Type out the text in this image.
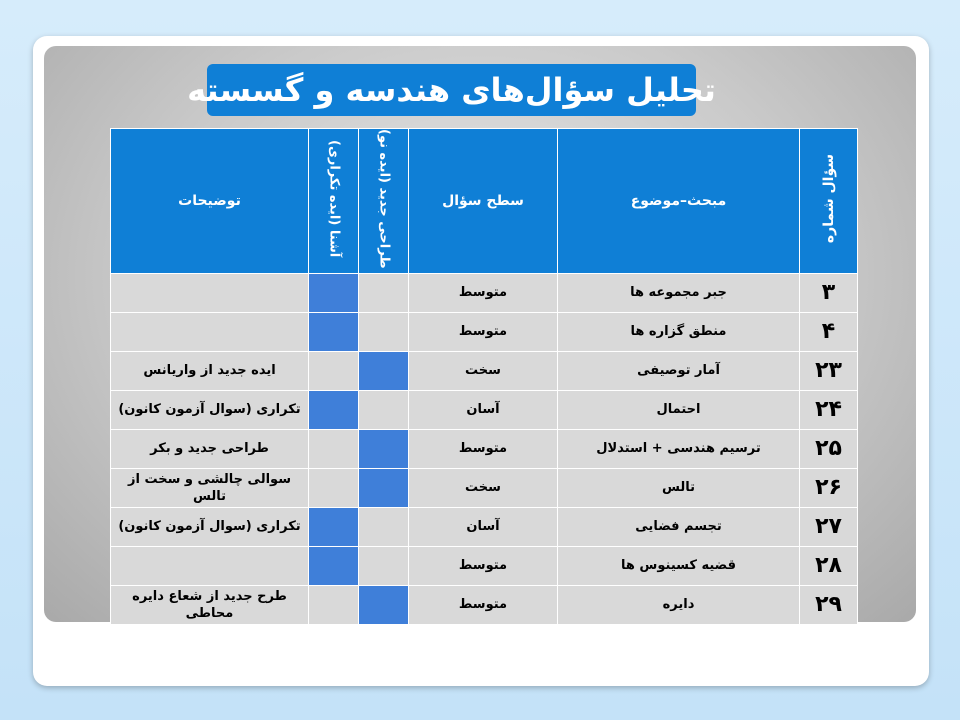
تحلیل سؤال‌های هندسه و گسسته
سؤال شماره	مبحث–موضوع	سطح سؤال	طراحی جدید (ایده نو)	آشنا (ایده تکراری)	توضیحات
۳	جبر مجموعه ها	متوسط			
۴	منطق گزاره ها	متوسط			
۲۳	آمار توصیفی	سخت			ایده جدید از واریانس
۲۴	احتمال	آسان			تکراری (سوال آزمون کانون)
۲۵	ترسیم هندسی + استدلال	متوسط			طراحی جدید و بکر
۲۶	تالس	سخت			سوالی چالشی و سخت از تالس
۲۷	تجسم فضایی	آسان			تکراری (سوال آزمون کانون)
۲۸	قضیه کسینوس ها	متوسط			
۲۹	دایره	متوسط			طرح جدید از شعاع دایره محاطی
